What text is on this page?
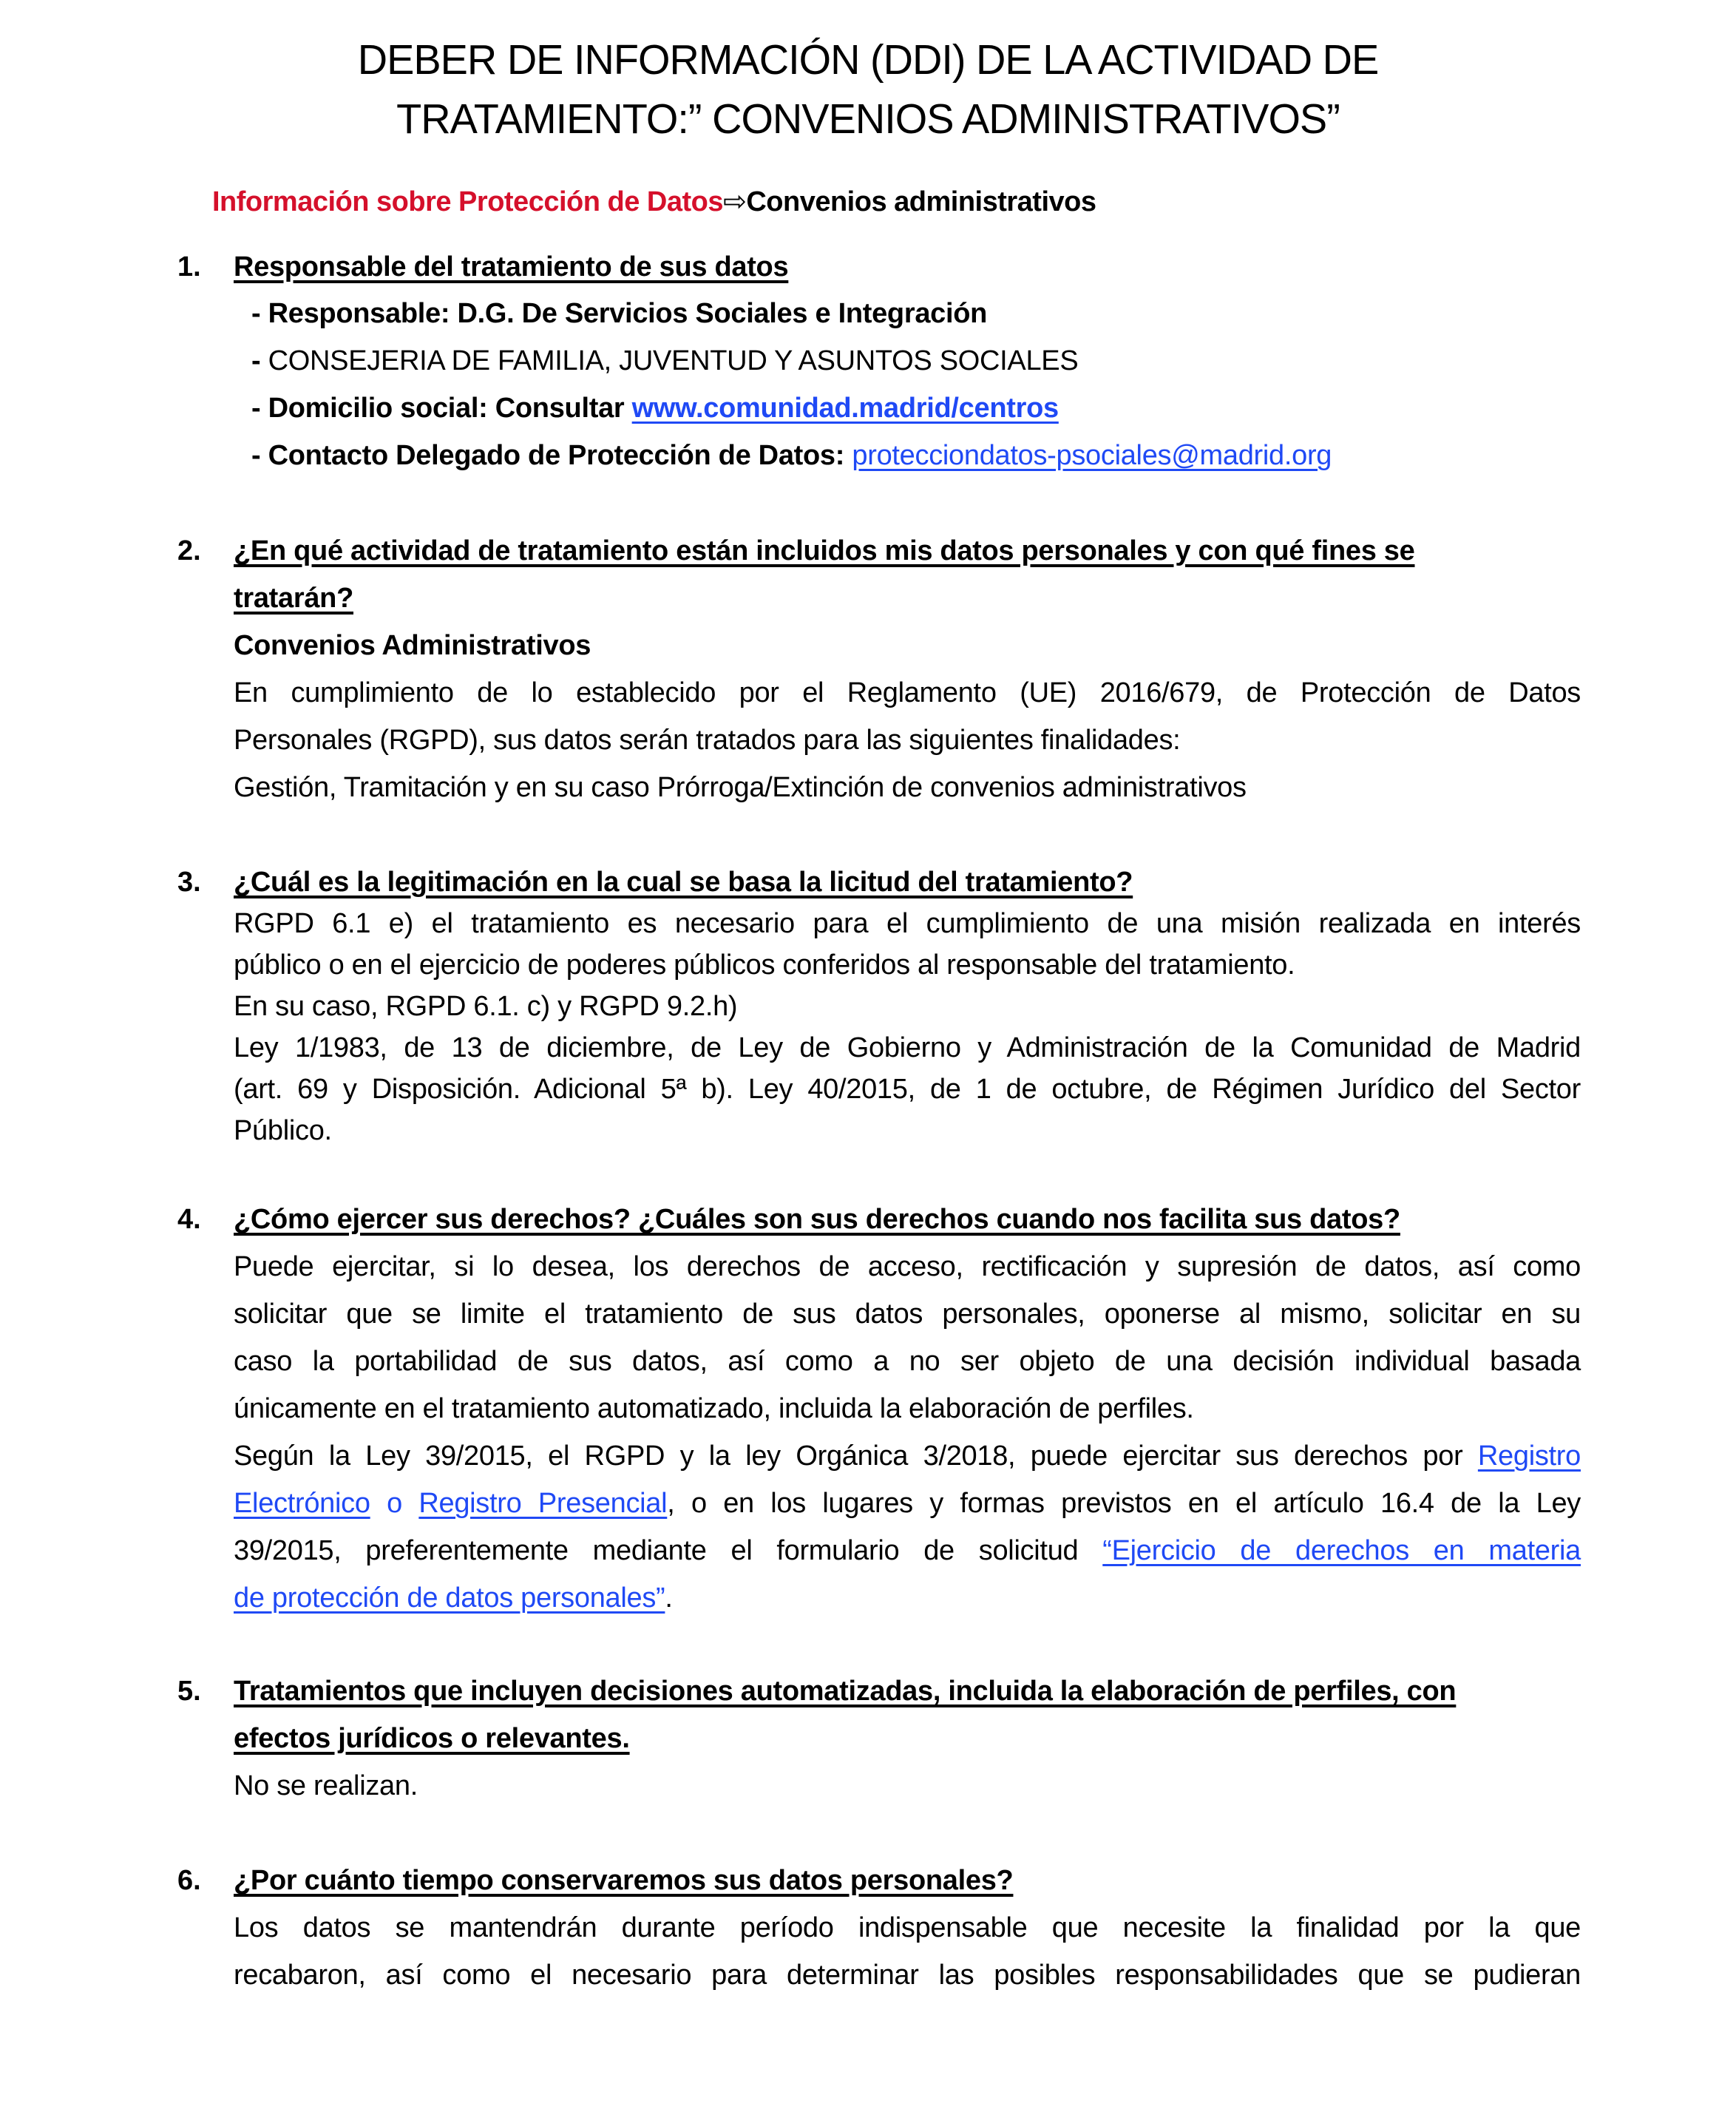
DEBER DE INFORMACIÓN (DDI) DE LA ACTIVIDAD DE
TRATAMIENTO:” CONVENIOS ADMINISTRATIVOS”
Información sobre Protección de Datos⇨Convenios administrativos
1. Responsable del tratamiento de sus datos
- Responsable: D.G. De Servicios Sociales e Integración
- CONSEJERIA DE FAMILIA, JUVENTUD Y ASUNTOS SOCIALES
- Domicilio social: Consultar www.comunidad.madrid/centros
- Contacto Delegado de Protección de Datos: protecciondatos-psociales@madrid.org
2. ¿En qué actividad de tratamiento están incluidos mis datos personales y con qué fines se
tratarán?
Convenios Administrativos
En cumplimiento de lo establecido por el Reglamento (UE) 2016/679, de Protección de Datos
Personales (RGPD), sus datos serán tratados para las siguientes finalidades:
Gestión, Tramitación y en su caso Prórroga/Extinción de convenios administrativos
3. ¿Cuál es la legitimación en la cual se basa la licitud del tratamiento?
RGPD 6.1 e) el tratamiento es necesario para el cumplimiento de una misión realizada en interés
público o en el ejercicio de poderes públicos conferidos al responsable del tratamiento.
En su caso, RGPD 6.1. c) y RGPD 9.2.h)
Ley 1/1983, de 13 de diciembre, de Ley de Gobierno y Administración de la Comunidad de Madrid
(art. 69 y Disposición. Adicional 5ª b). Ley 40/2015, de 1 de octubre, de Régimen Jurídico del Sector
Público.
4. ¿Cómo ejercer sus derechos? ¿Cuáles son sus derechos cuando nos facilita sus datos?
Puede ejercitar, si lo desea, los derechos de acceso, rectificación y supresión de datos, así como
solicitar que se limite el tratamiento de sus datos personales, oponerse al mismo, solicitar en su
caso la portabilidad de sus datos, así como a no ser objeto de una decisión individual basada
únicamente en el tratamiento automatizado, incluida la elaboración de perfiles.
Según la Ley 39/2015, el RGPD y la ley Orgánica 3/2018, puede ejercitar sus derechos por Registro
Electrónico o Registro Presencial, o en los lugares y formas previstos en el artículo 16.4 de la Ley
39/2015, preferentemente mediante el formulario de solicitud “Ejercicio de derechos en materia
de protección de datos personales”.
5. Tratamientos que incluyen decisiones automatizadas, incluida la elaboración de perfiles, con
efectos jurídicos o relevantes.
No se realizan.
6. ¿Por cuánto tiempo conservaremos sus datos personales?
Los datos se mantendrán durante período indispensable que necesite la finalidad por la que
recabaron, así como el necesario para determinar las posibles responsabilidades que se pudieran
